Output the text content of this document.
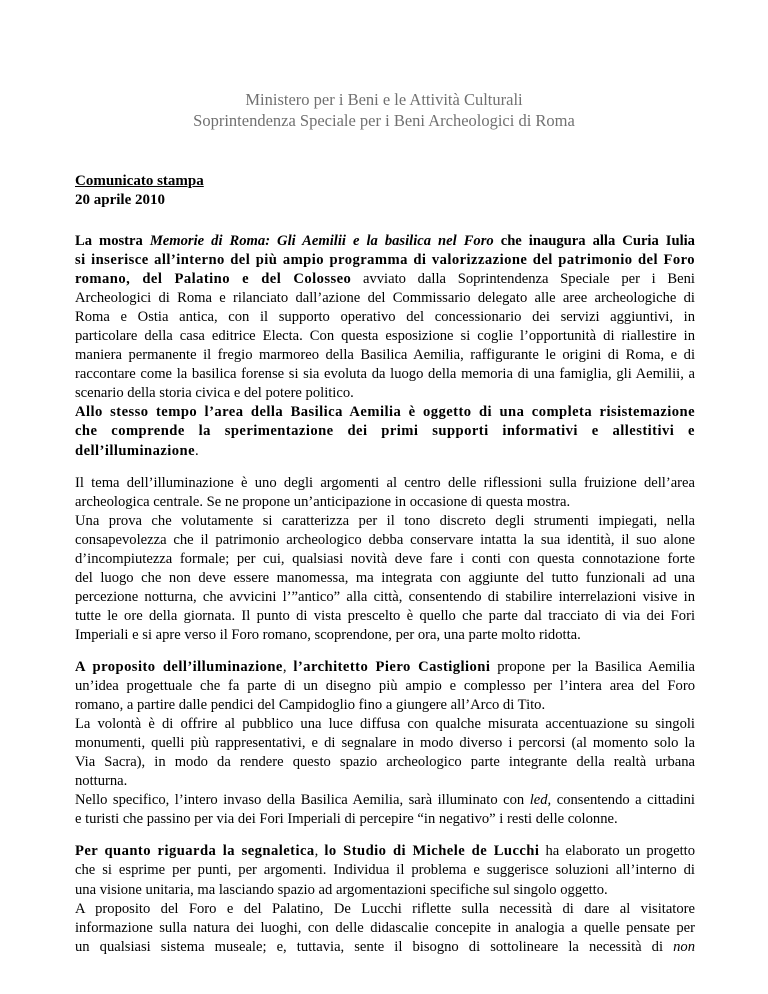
Ministero per i Beni e le Attività Culturali
Soprintendenza Speciale per i Beni Archeologici di Roma
Comunicato stampa
20 aprile 2010
La mostra Memorie di Roma: Gli Aemilii e la basilica nel Foro che inaugura alla Curia Iulia
si inserisce all’interno del più ampio programma di valorizzazione del patrimonio del Foro
romano, del Palatino e del Colosseo avviato dalla Soprintendenza Speciale per i Beni
Archeologici di Roma e rilanciato dall’azione del Commissario delegato alle aree archeologiche di
Roma e Ostia antica, con il supporto operativo del concessionario dei servizi aggiuntivi, in
particolare della casa editrice Electa. Con questa esposizione si coglie l’opportunità di riallestire in
maniera permanente il fregio marmoreo della Basilica Aemilia, raffigurante le origini di Roma, e di
raccontare come la basilica forense si sia evoluta da luogo della memoria di una famiglia, gli Aemilii, a
scenario della storia civica e del potere politico.
Allo stesso tempo l’area della Basilica Aemilia è oggetto di una completa risistemazione
che comprende la sperimentazione dei primi supporti informativi e allestitivi e
dell’illuminazione.
Il tema dell’illuminazione è uno degli argomenti al centro delle riflessioni sulla fruizione dell’area
archeologica centrale. Se ne propone un’anticipazione in occasione di questa mostra.
Una prova che volutamente si caratterizza per il tono discreto degli strumenti impiegati, nella
consapevolezza che il patrimonio archeologico debba conservare intatta la sua identità, il suo alone
d’incompiutezza formale; per cui, qualsiasi novità deve fare i conti con questa connotazione forte
del luogo che non deve essere manomessa, ma integrata con aggiunte del tutto funzionali ad una
percezione notturna, che avvicini l’”antico” alla città, consentendo di stabilire interrelazioni visive in
tutte le ore della giornata. Il punto di vista prescelto è quello che parte dal tracciato di via dei Fori
Imperiali e si apre verso il Foro romano, scoprendone, per ora, una parte molto ridotta.
A proposito dell’illuminazione, l’architetto Piero Castiglioni propone per la Basilica Aemilia
un’idea progettuale che fa parte di un disegno più ampio e complesso per l’intera area del Foro
romano, a partire dalle pendici del Campidoglio fino a giungere all’Arco di Tito.
La volontà è di offrire al pubblico una luce diffusa con qualche misurata accentuazione su singoli
monumenti, quelli più rappresentativi, e di segnalare in modo diverso i percorsi (al momento solo la
Via Sacra), in modo da rendere questo spazio archeologico parte integrante della realtà urbana
notturna.
Nello specifico, l’intero invaso della Basilica Aemilia, sarà illuminato con led, consentendo a cittadini
e turisti che passino per via dei Fori Imperiali di percepire “in negativo” i resti delle colonne.
Per quanto riguarda la segnaletica, lo Studio di Michele de Lucchi ha elaborato un progetto
che si esprime per punti, per argomenti. Individua il problema e suggerisce soluzioni all’interno di
una visione unitaria, ma lasciando spazio ad argomentazioni specifiche sul singolo oggetto.
A proposito del Foro e del Palatino, De Lucchi riflette sulla necessità di dare al visitatore
informazione sulla natura dei luoghi, con delle didascalie concepite in analogia a quelle pensate per
un qualsiasi sistema museale; e, tuttavia, sente il bisogno di sottolineare la necessità di non
